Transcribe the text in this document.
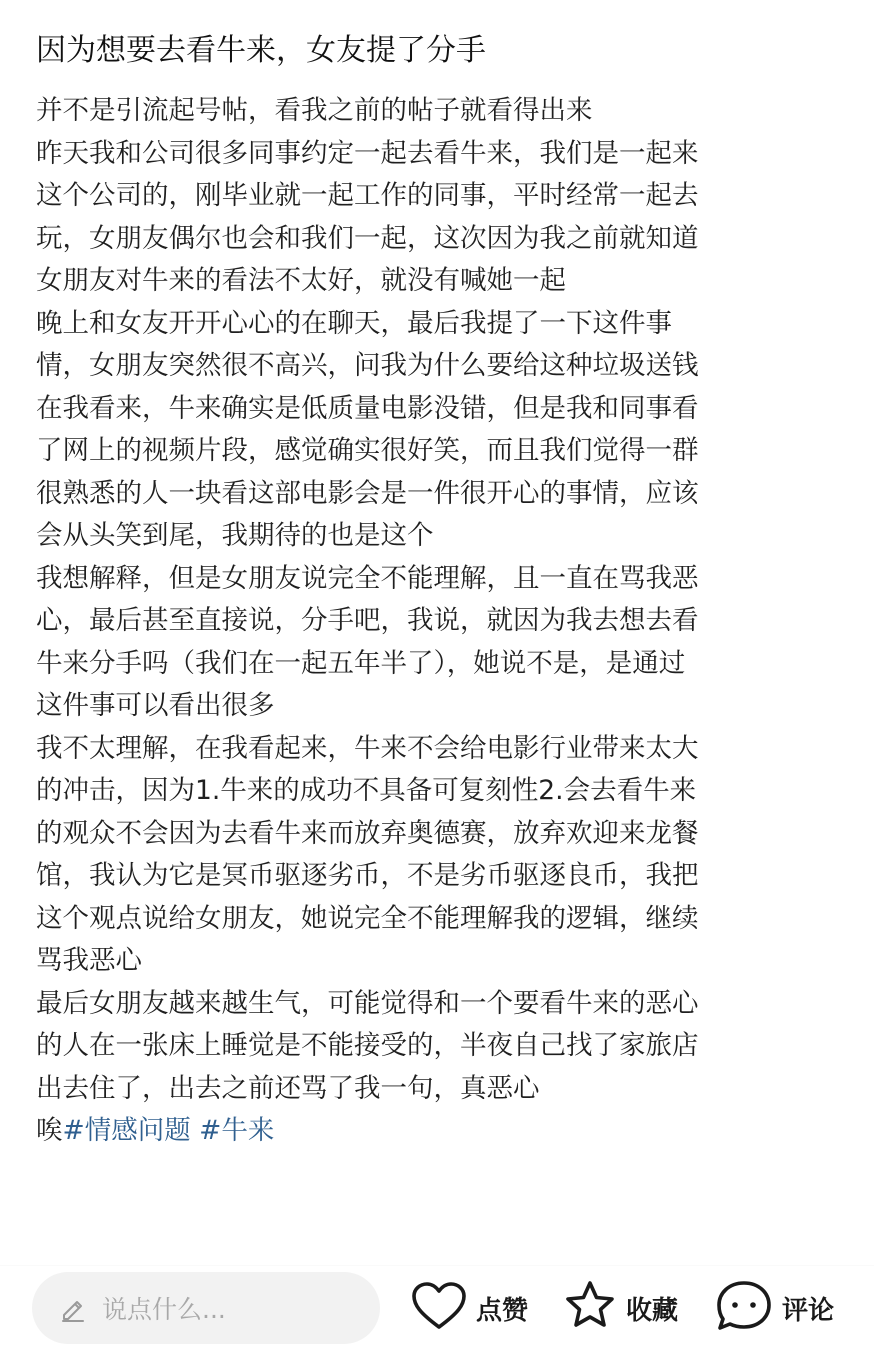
因为想要去看牛来，女友提了分手
并不是引流起号帖，看我之前的帖子就看得出来
昨天我和公司很多同事约定一起去看牛来，我们是一起来
这个公司的，刚毕业就一起工作的同事，平时经常一起去
玩，女朋友偶尔也会和我们一起，这次因为我之前就知道
女朋友对牛来的看法不太好，就没有喊她一起
晚上和女友开开心心的在聊天，最后我提了一下这件事
情，女朋友突然很不高兴，问我为什么要给这种垃圾送钱
在我看来，牛来确实是低质量电影没错，但是我和同事看
了网上的视频片段，感觉确实很好笑，而且我们觉得一群
很熟悉的人一块看这部电影会是一件很开心的事情，应该
会从头笑到尾，我期待的也是这个
我想解释，但是女朋友说完全不能理解，且一直在骂我恶
心，最后甚至直接说，分手吧，我说，就因为我去想去看
牛来分手吗（我们在一起五年半了），她说不是，是通过
这件事可以看出很多
我不太理解，在我看起来，牛来不会给电影行业带来太大
的冲击，因为1.牛来的成功不具备可复刻性2.会去看牛来
的观众不会因为去看牛来而放弃奥德赛，放弃欢迎来龙餐
馆，我认为它是冥币驱逐劣币，不是劣币驱逐良币，我把
这个观点说给女朋友，她说完全不能理解我的逻辑，继续
骂我恶心
最后女朋友越来越生气，可能觉得和一个要看牛来的恶心
的人在一张床上睡觉是不能接受的，半夜自己找了家旅店
出去住了，出去之前还骂了我一句，真恶心
唉#情感问题 #牛来
说点什么...	点赞	收藏	评论
